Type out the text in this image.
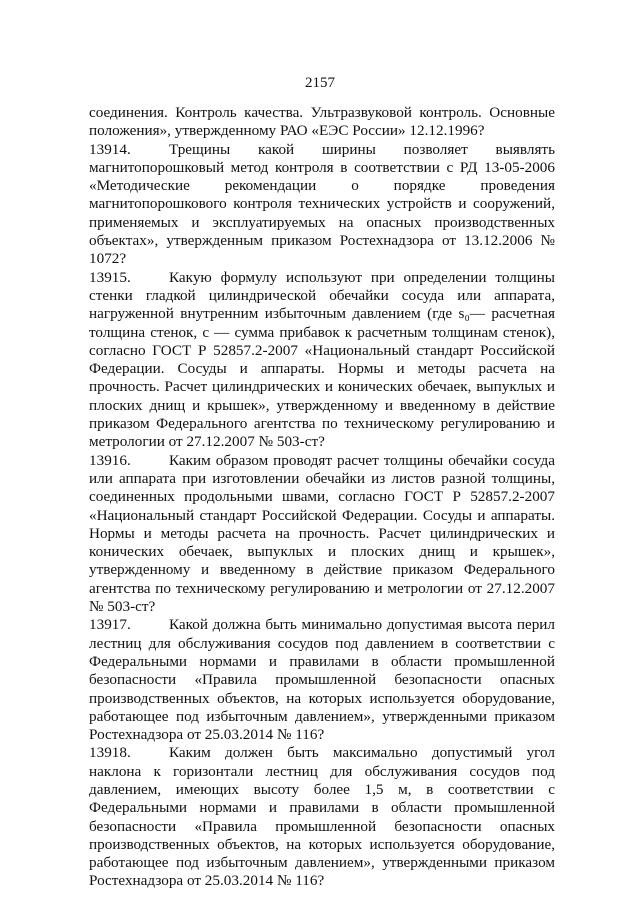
2157

соединения. Контроль качества. Ультразвуковой контроль. Основные положения», утвержденному РАО «ЕЭС России» 12.12.1996?

13914.	Трещины какой ширины позволяет выявлять магнитопорошковый метод контроля в соответствии с РД 13-05-2006 «Методические рекомендации о порядке проведения магнитопорошкового контроля технических устройств и сооружений, применяемых и эксплуатируемых на опасных производственных объектах», утвержденным приказом Ростехнадзора от 13.12.2006 № 1072?

13915.	Какую формулу используют при определении толщины стенки гладкой цилиндрической обечайки сосуда или аппарата, нагруженной внутренним избыточным давлением (где s₀— расчетная толщина стенок, с — сумма прибавок к расчетным толщинам стенок), согласно ГОСТ Р 52857.2-2007 «Национальный стандарт Российской Федерации. Сосуды и аппараты. Нормы и методы расчета на прочность. Расчет цилиндрических и конических обечаек, выпуклых и плоских днищ и крышек», утвержденному и введенному в действие приказом Федерального агентства по техническому регулированию и метрологии от 27.12.2007 № 503-ст?

13916.	Каким образом проводят расчет толщины обечайки сосуда или аппарата при изготовлении обечайки из листов разной толщины, соединенных продольными швами, согласно ГОСТ Р 52857.2-2007 «Национальный стандарт Российской Федерации. Сосуды и аппараты. Нормы и методы расчета на прочность. Расчет цилиндрических и конических обечаек, выпуклых и плоских днищ и крышек», утвержденному и введенному в действие приказом Федерального агентства по техническому регулированию и метрологии от 27.12.2007 № 503-ст?

13917.	Какой должна быть минимально допустимая высота перил лестниц для обслуживания сосудов под давлением в соответствии с Федеральными нормами и правилами в области промышленной безопасности «Правила промышленной безопасности опасных производственных объектов, на которых используется оборудование, работающее под избыточным давлением», утвержденными приказом Ростехнадзора от 25.03.2014 № 116?

13918.	Каким должен быть максимально допустимый угол наклона к горизонтали лестниц для обслуживания сосудов под давлением, имеющих высоту более 1,5 м, в соответствии с Федеральными нормами и правилами в области промышленной безопасности «Правила промышленной безопасности опасных производственных объектов, на которых используется оборудование, работающее под избыточным давлением», утвержденными приказом Ростехнадзора от 25.03.2014 № 116?
